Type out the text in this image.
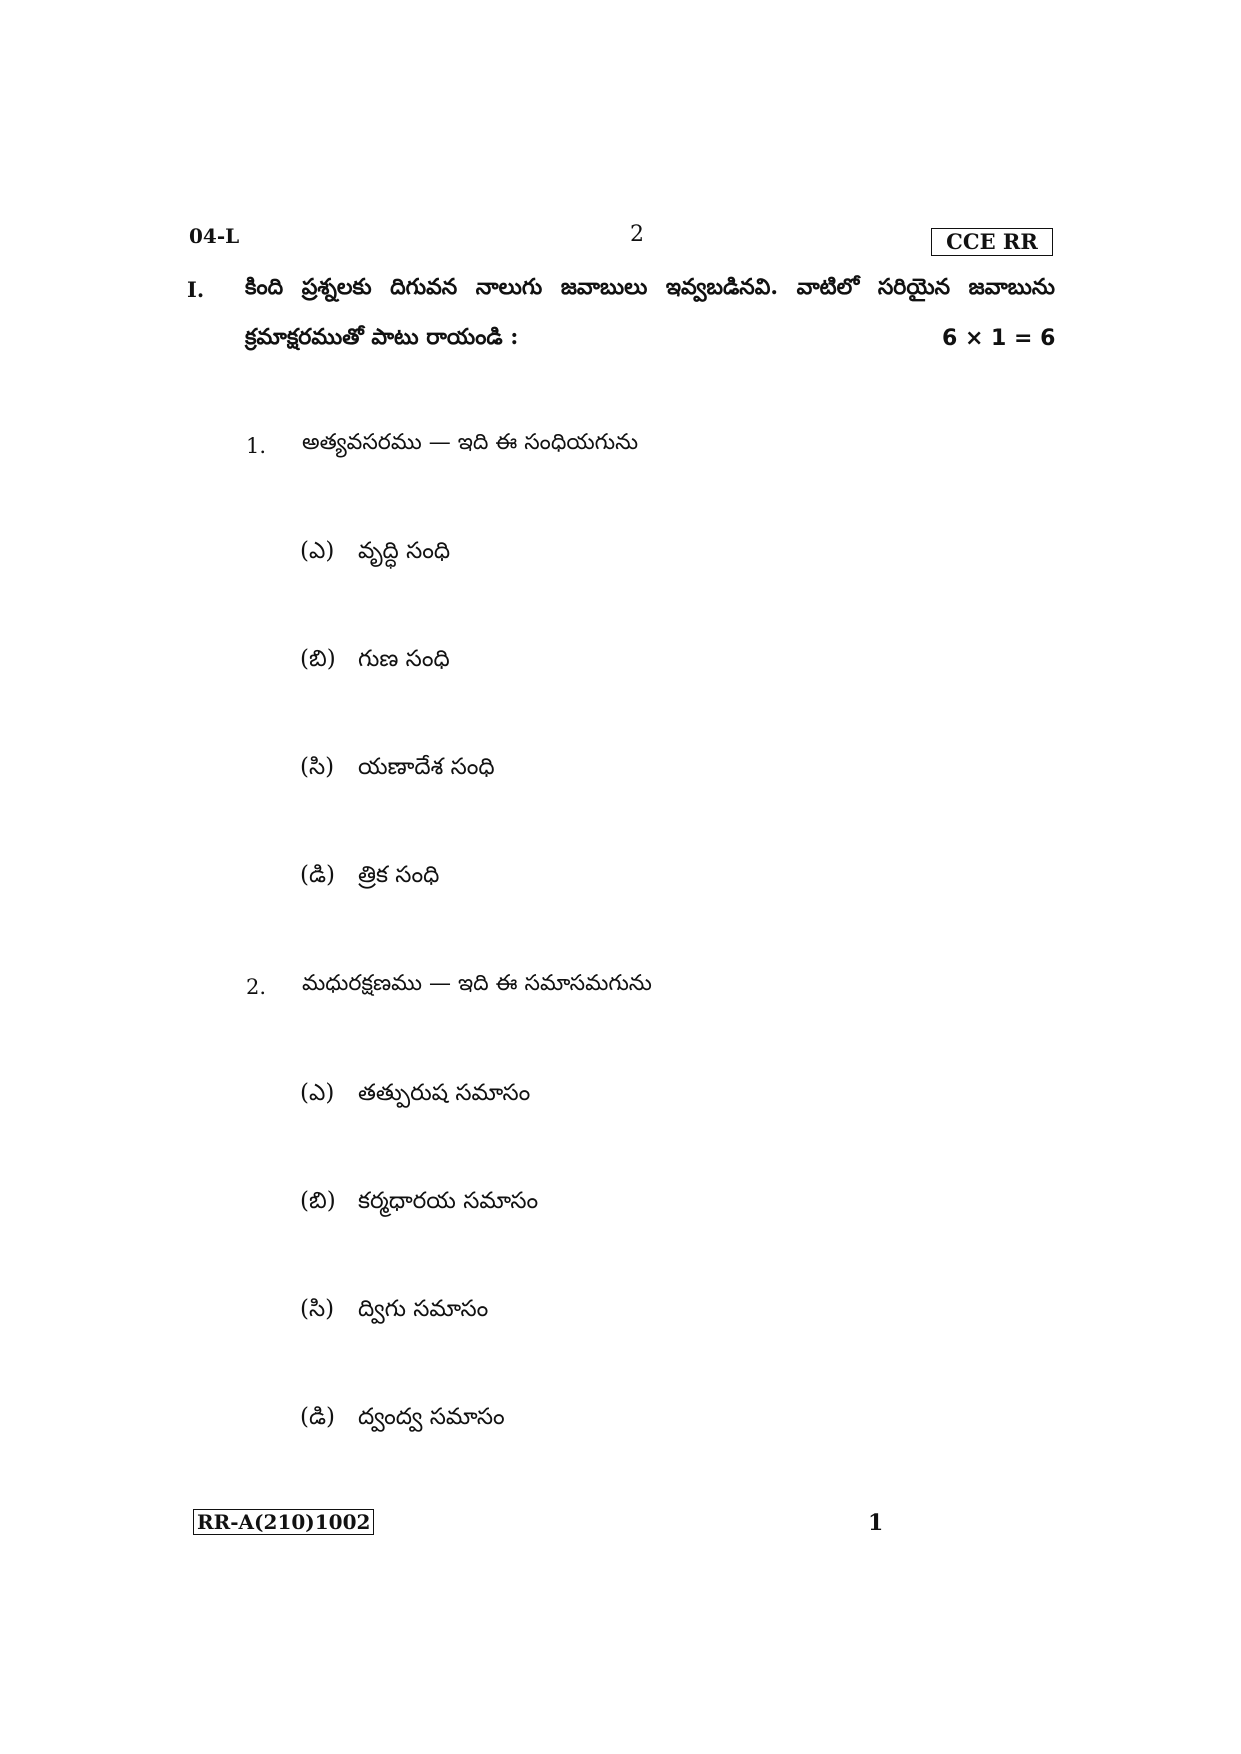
04-L	2	CCE RR
I. కింది ప్రశ్నలకు దిగువన నాలుగు జవాబులు ఇవ్వబడినవి. వాటిలో సరియైన జవాబును
క్రమాక్షరముతో పాటు రాయండి :	6 × 1 = 6
1. అత్యవసరము — ఇది ఈ సంధియగును
(ఎ) వృద్ధి సంధి
(బి) గుణ సంధి
(సి) యణాదేశ సంధి
(డి) త్రిక సంధి
2. మధురక్షణము — ఇది ఈ సమాసమగును
(ఎ) తత్పురుష సమాసం
(బి) కర్మధారయ సమాసం
(సి) ద్విగు సమాసం
(డి) ద్వంద్వ సమాసం
RR-A(210)1002	1
